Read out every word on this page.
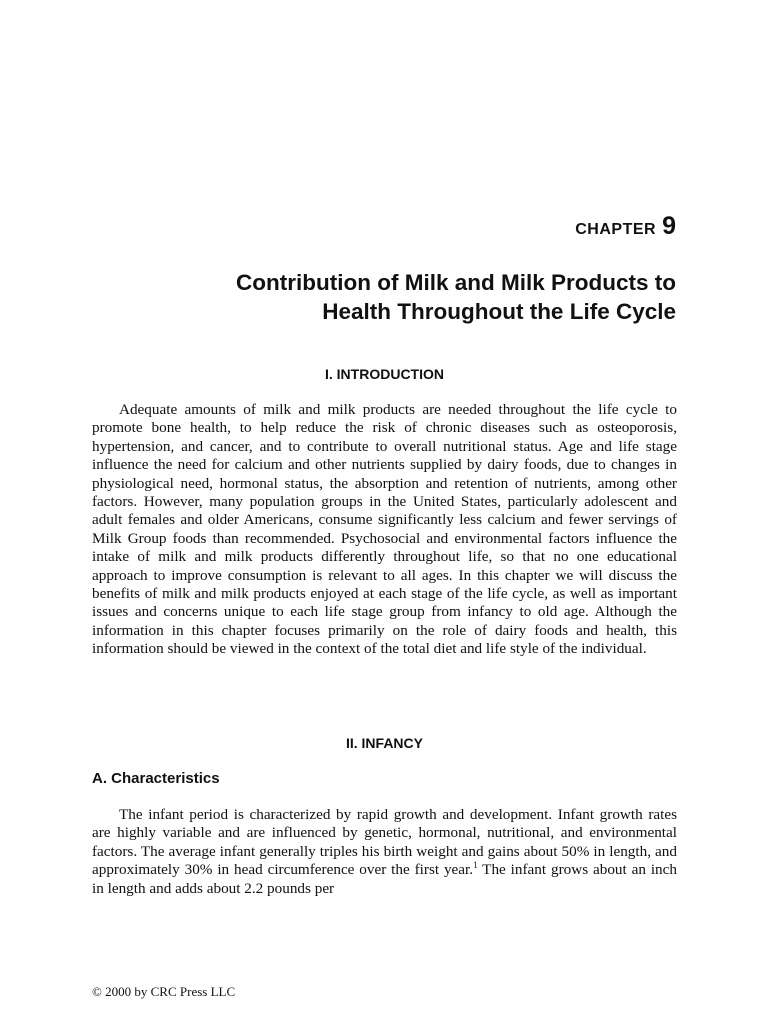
CHAPTER 9
Contribution of Milk and Milk Products to
Health Throughout the Life Cycle
I. INTRODUCTION

Adequate amounts of milk and milk products are needed throughout the life cycle to promote bone health, to help reduce the risk of chronic diseases such as osteoporosis, hypertension, and cancer, and to contribute to overall nutritional status. Age and life stage influence the need for calcium and other nutrients supplied by dairy foods, due to changes in physiological need, hormonal status, the absorption and retention of nutrients, among other factors. However, many population groups in the United States, particularly adolescent and adult females and older Americans, consume significantly less calcium and fewer servings of Milk Group foods than recommended. Psychosocial and environmental factors influence the intake of milk and milk products differently throughout life, so that no one educational approach to improve consumption is relevant to all ages. In this chapter we will discuss the benefits of milk and milk products enjoyed at each stage of the life cycle, as well as important issues and concerns unique to each life stage group from infancy to old age. Although the information in this chapter focuses primarily on the role of dairy foods and health, this information should be viewed in the context of the total diet and life style of the individual.

II. INFANCY
A. Characteristics

The infant period is characterized by rapid growth and development. Infant growth rates are highly variable and are influenced by genetic, hormonal, nutritional, and environmental factors. The average infant generally triples his birth weight and gains about 50% in length, and approximately 30% in head circumference over the first year.$^1$ The infant grows about an inch in length and adds about 2.2 pounds per

© 2000 by CRC Press LLC
